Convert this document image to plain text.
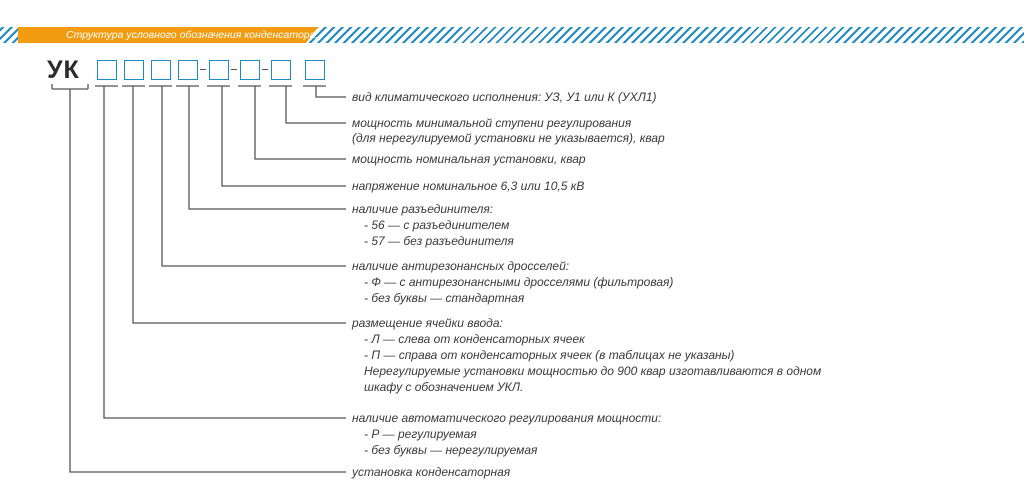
Структура условного обозначения конденсатора:
УК
вид климатического исполнения: УЗ, У1 или К (УХЛ1)
мощность минимальной ступени регулирования
(для нерегулируемой установки не указывается), квар
мощность номинальная установки, квар
напряжение номинальное 6,3 или 10,5 кВ
наличие разъединителя:
- 56 — с разъединителем
- 57 — без разъединителя
наличие антирезонансных дросселей:
- Ф — с антирезонансными дросселями (фильтровая)
- без буквы — стандартная
размещение ячейки ввода:
- Л — слева от конденсаторных ячеек
- П — справа от конденсаторных ячеек (в таблицах не указаны)
Нерегулируемые установки мощностью до 900 квар изготавливаются в одном
шкафу с обозначением УКЛ.
наличие автоматического регулирования мощности:
- Р — регулируемая
- без буквы — нерегулируемая
установка конденсаторная
